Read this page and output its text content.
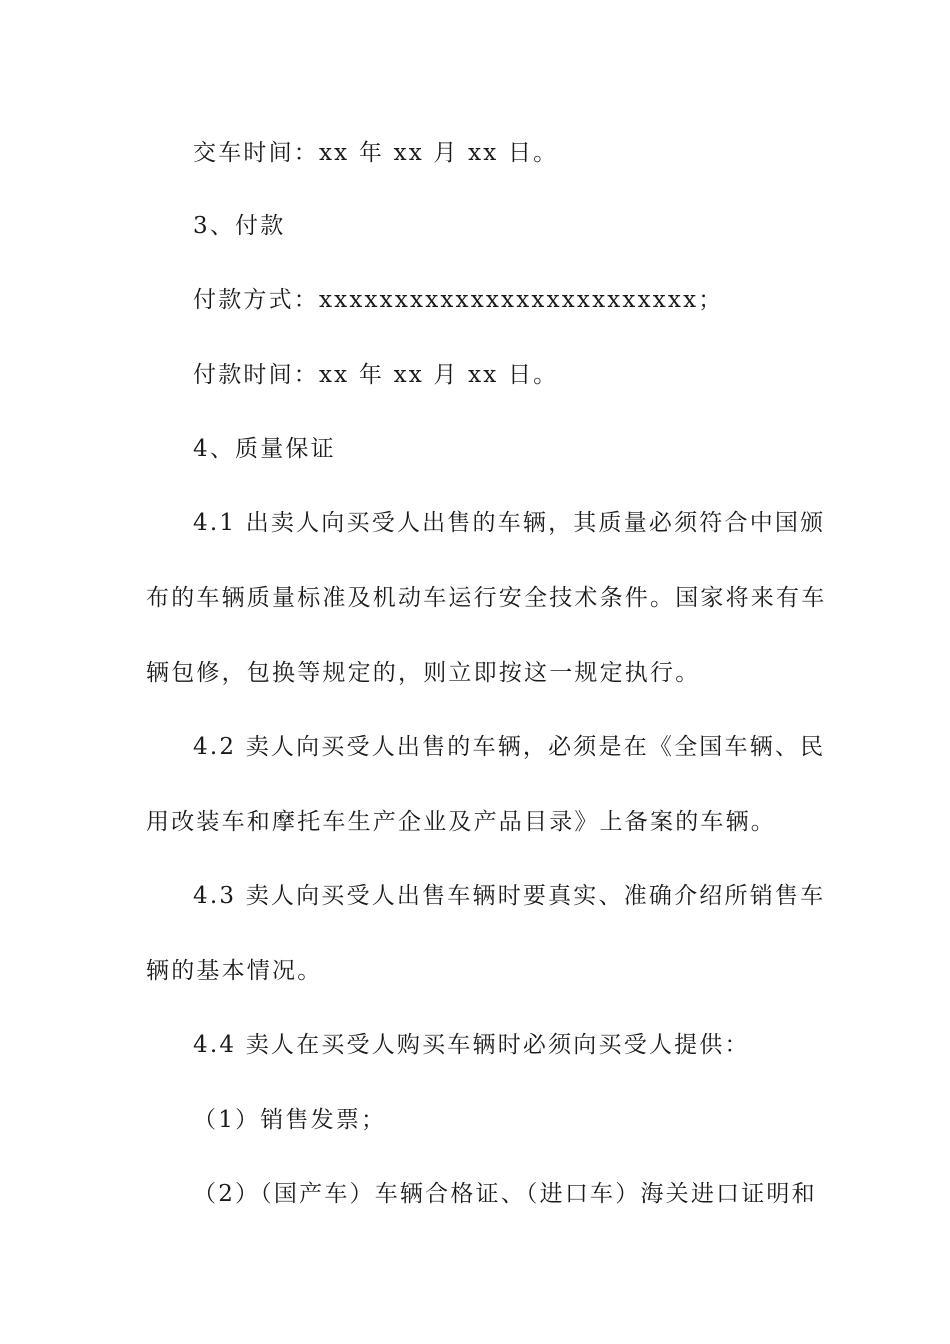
交车时间：xx 年 xx 月 xx 日。

3、付款

付款方式：xxxxxxxxxxxxxxxxxxxxxxxxx；

付款时间：xx 年 xx 月 xx 日。

4、质量保证

4.1 出卖人向买受人出售的车辆，其质量必须符合中国颁

布的车辆质量标准及机动车运行安全技术条件。国家将来有车

辆包修，包换等规定的，则立即按这一规定执行。

4.2 卖人向买受人出售的车辆，必须是在《全国车辆、民

用改装车和摩托车生产企业及产品目录》上备案的车辆。

4.3 卖人向买受人出售车辆时要真实、准确介绍所销售车

辆的基本情况。

4.4 卖人在买受人购买车辆时必须向买受人提供：

（1）销售发票；

（2）（国产车）车辆合格证、（进口车）海关进口证明和
